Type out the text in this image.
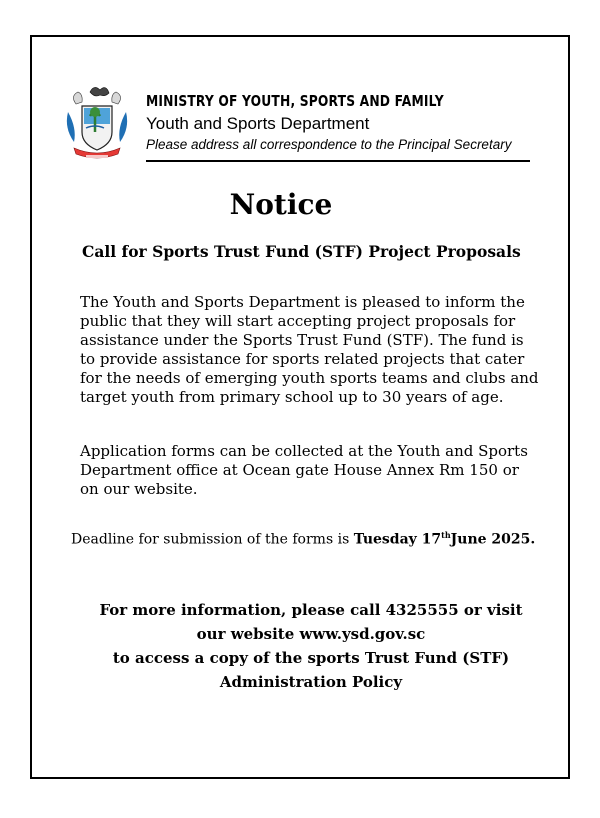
MINISTRY OF YOUTH, SPORTS AND FAMILY
Youth and Sports Department
Please address all correspondence to the Principal Secretary
Notice
Call for Sports Trust Fund (STF) Project Proposals
The Youth and Sports Department is pleased to inform the public that they will start accepting project proposals for assistance under the Sports Trust Fund (STF). The fund is to provide assistance for sports related projects that cater for the needs of emerging youth sports teams and clubs and target youth from primary school up to 30 years of age.
Application forms can be collected at the Youth and Sports Department office at Ocean gate House Annex Rm 150 or on our website.
Deadline for submission of the forms is Tuesday 17thJune 2025.
For more information, please call 4325555 or visit
our website www.ysd.gov.sc
to access a copy of the sports Trust Fund (STF)
Administration Policy
